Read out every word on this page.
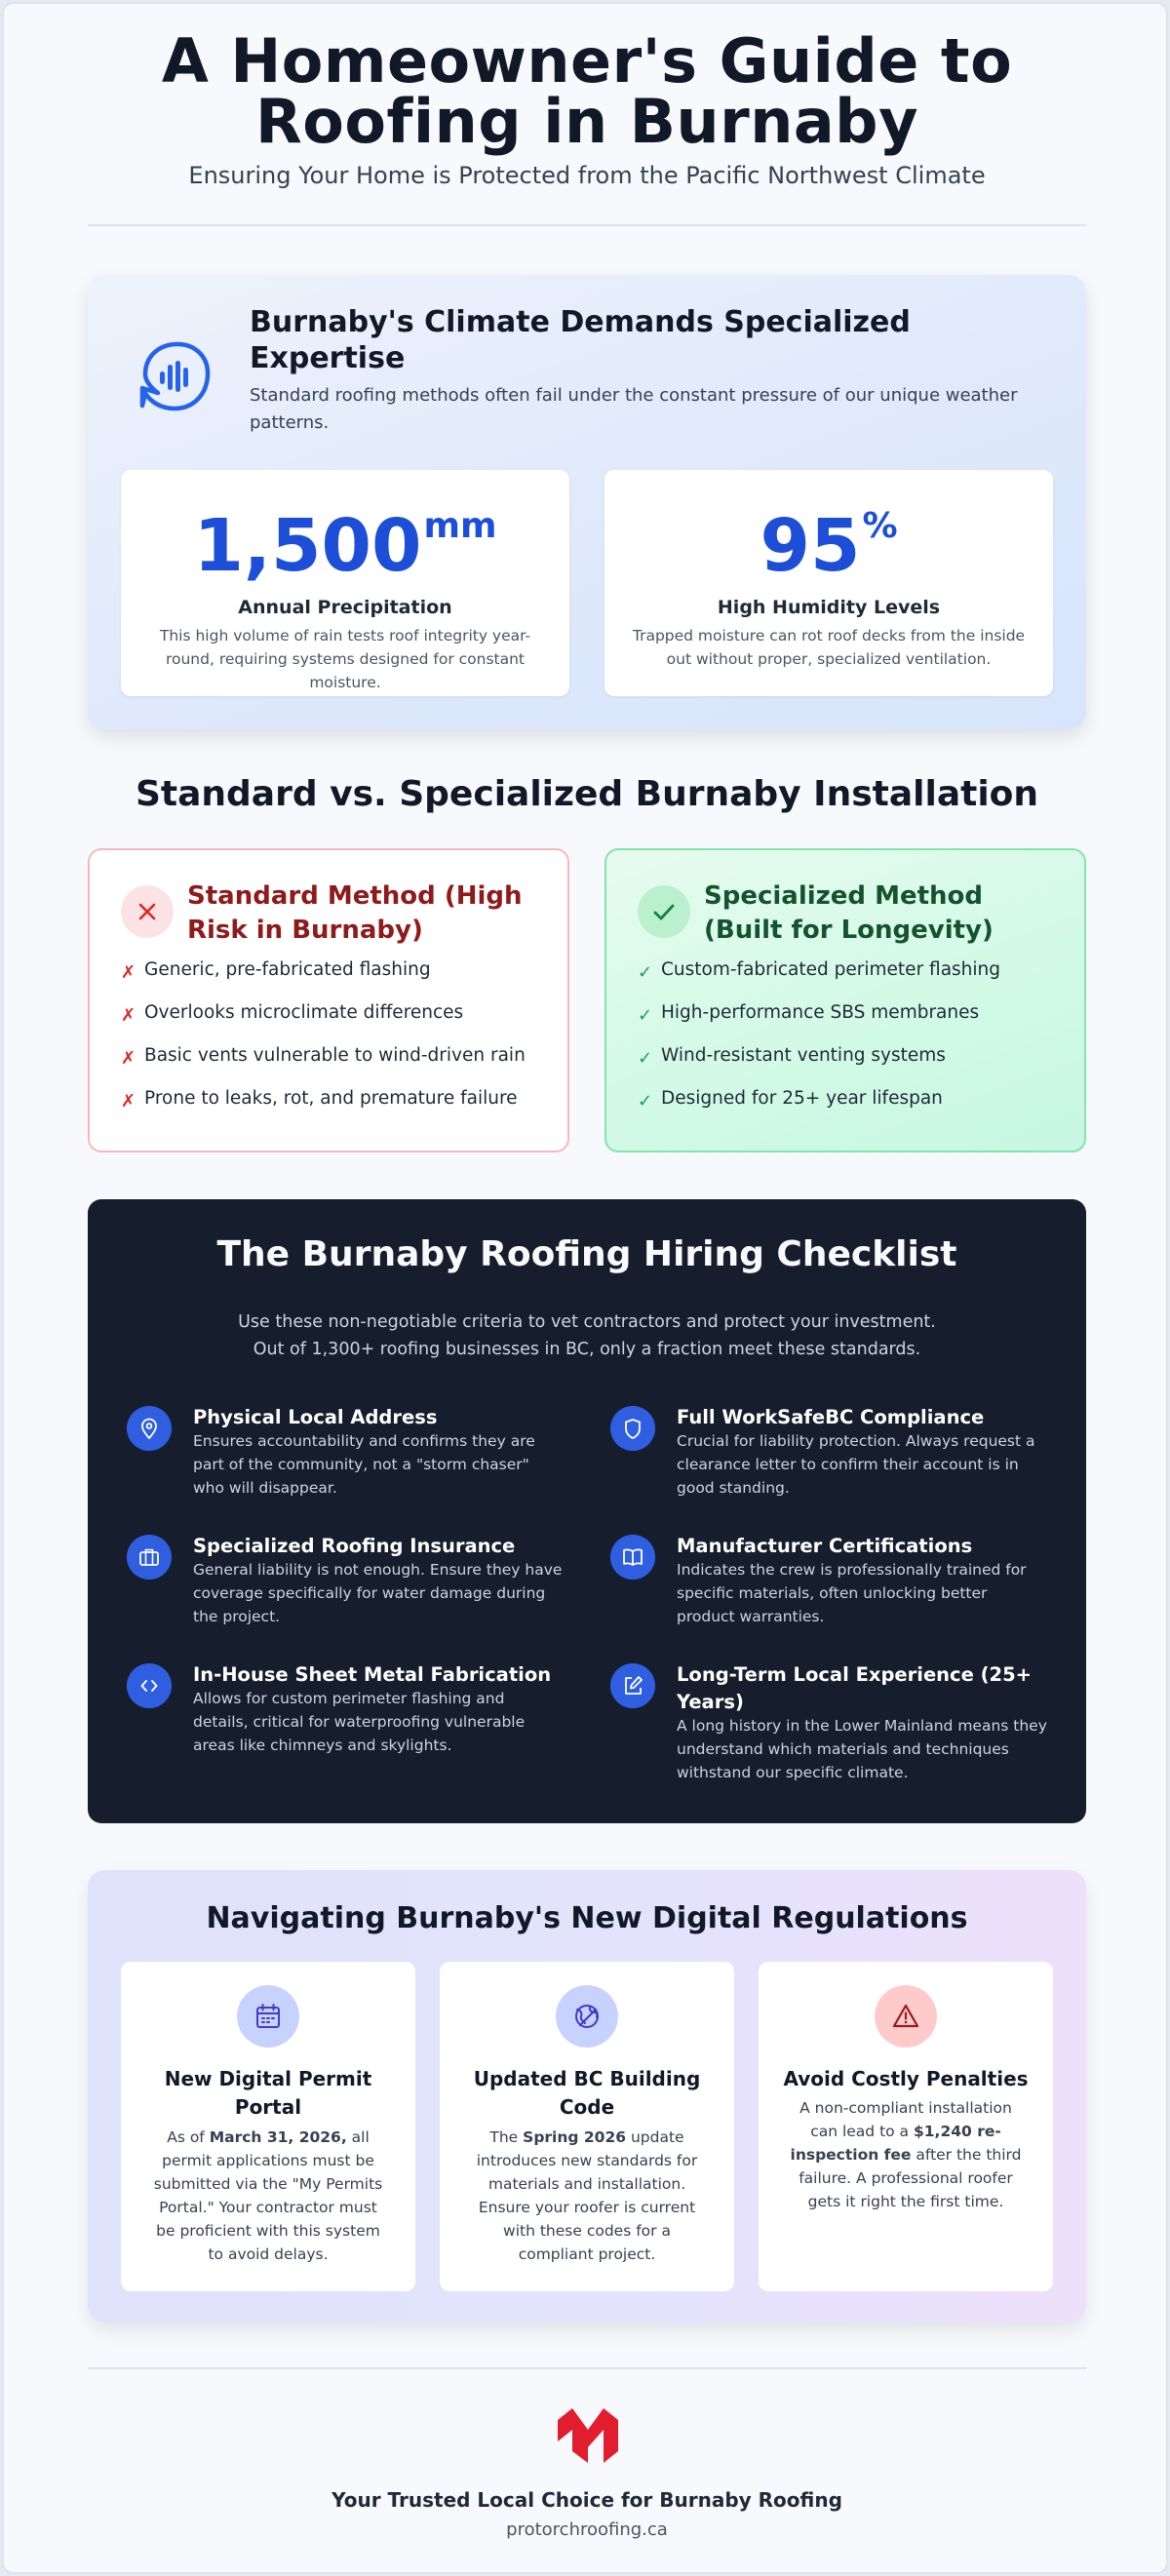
A Homeowner's Guide to
Roofing in Burnaby
Ensuring Your Home is Protected from the Pacific Northwest Climate
Burnaby's Climate Demands Specialized Expertise
Standard roofing methods often fail under the constant pressure of our unique weather patterns.
$1,500^{mm}$
Annual Precipitation
This high volume of rain tests roof integrity year-round, requiring systems designed for constant moisture.
95%
High Humidity Levels
Trapped moisture can rot roof decks from the inside out without proper, specialized ventilation.
Standard vs. Specialized Burnaby Installation
Standard Method (High Risk in Burnaby)
✗ Generic, pre-fabricated flashing
✗ Overlooks microclimate differences
✗ Basic vents vulnerable to wind-driven rain
✗ Prone to leaks, rot, and premature failure
Specialized Method (Built for Longevity)
✓ Custom-fabricated perimeter flashing
✓ High-performance SBS membranes
✓ Wind-resistant venting systems
✓ Designed for 25+ year lifespan
The Burnaby Roofing Hiring Checklist
Use these non-negotiable criteria to vet contractors and protect your investment.
Out of 1,300+ roofing businesses in BC, only a fraction meet these standards.
Physical Local Address
Ensures accountability and confirms they are part of the community, not a "storm chaser" who will disappear.
Full WorkSafeBC Compliance
Crucial for liability protection. Always request a clearance letter to confirm their account is in good standing.
Specialized Roofing Insurance
General liability is not enough. Ensure they have coverage specifically for water damage during the project.
Manufacturer Certifications
Indicates the crew is professionally trained for specific materials, often unlocking better product warranties.
In-House Sheet Metal Fabrication
Allows for custom perimeter flashing and details, critical for waterproofing vulnerable areas like chimneys and skylights.
Long-Term Local Experience (25+ Years)
A long history in the Lower Mainland means they understand which materials and techniques withstand our specific climate.
Navigating Burnaby's New Digital Regulations
New Digital Permit Portal
As of March 31, 2026, all permit applications must be submitted via the "My Permits Portal." Your contractor must be proficient with this system to avoid delays.
Updated BC Building Code
The Spring 2026 update introduces new standards for materials and installation. Ensure your roofer is current with these codes for a compliant project.
Avoid Costly Penalties
A non-compliant installation can lead to a $1,240 re-inspection fee after the third failure. A professional roofer gets it right the first time.
Your Trusted Local Choice for Burnaby Roofing
protorchroofing.ca
